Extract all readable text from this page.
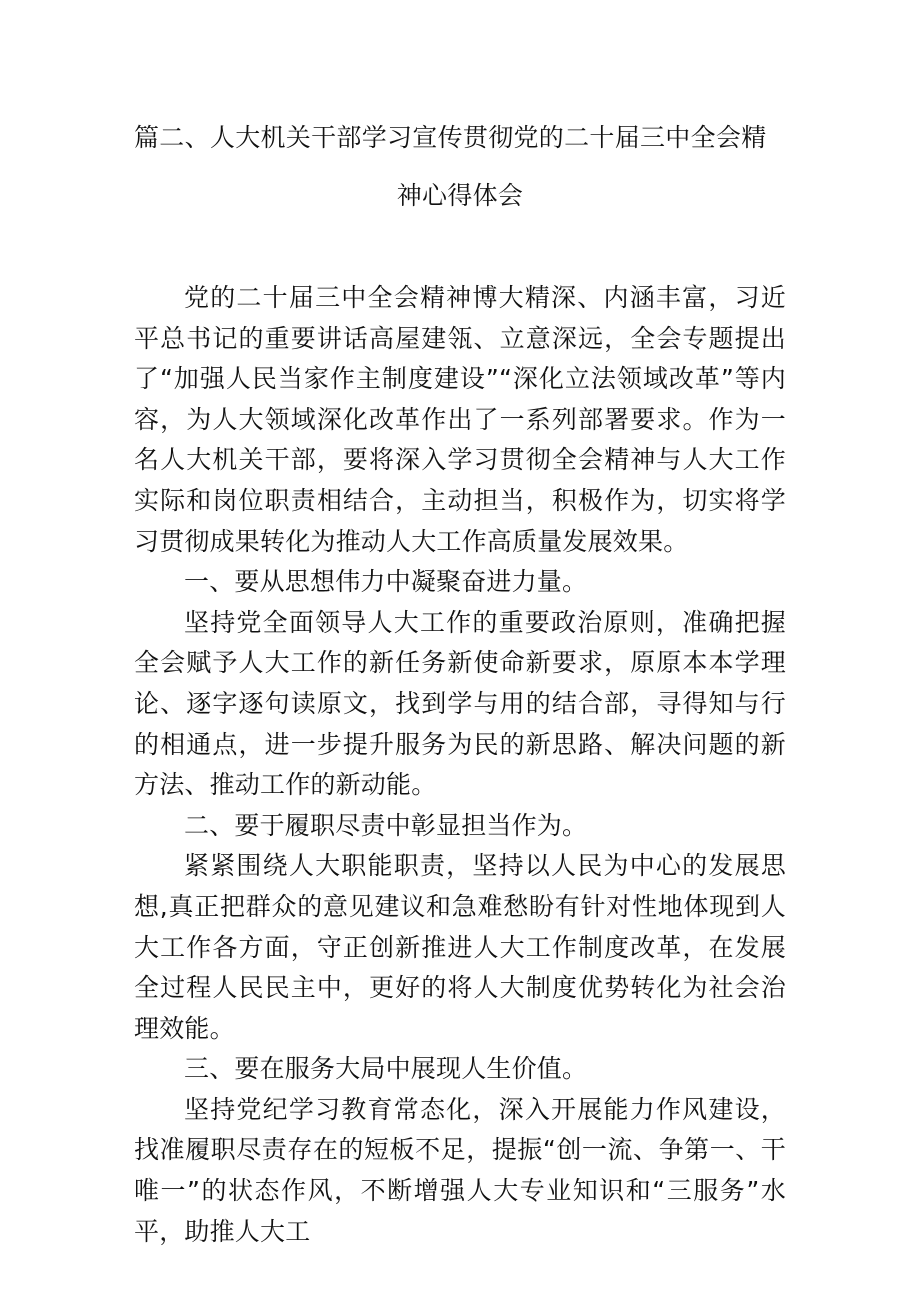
篇二、人大机关干部学习宣传贯彻党的二十届三中全会精
神心得体会

党的二十届三中全会精神博大精深、内涵丰富，习近平总书记的重要讲话高屋建瓴、立意深远，全会专题提出了“加强人民当家作主制度建设”“深化立法领域改革”等内容，为人大领域深化改革作出了一系列部署要求。作为一名人大机关干部，要将深入学习贯彻全会精神与人大工作实际和岗位职责相结合，主动担当，积极作为，切实将学习贯彻成果转化为推动人大工作高质量发展效果。

一、要从思想伟力中凝聚奋进力量。

坚持党全面领导人大工作的重要政治原则，准确把握全会赋予人大工作的新任务新使命新要求，原原本本学理论、逐字逐句读原文，找到学与用的结合部，寻得知与行的相通点，进一步提升服务为民的新思路、解决问题的新方法、推动工作的新动能。

二、要于履职尽责中彰显担当作为。

紧紧围绕人大职能职责，坚持以人民为中心的发展思想,真正把群众的意见建议和急难愁盼有针对性地体现到人大工作各方面，守正创新推进人大工作制度改革，在发展全过程人民民主中，更好的将人大制度优势转化为社会治理效能。

三、要在服务大局中展现人生价值。

坚持党纪学习教育常态化，深入开展能力作风建设，找准履职尽责存在的短板不足，提振“创一流、争第一、干唯一”的状态作风，不断增强人大专业知识和“三服务”水平，助推人大工
